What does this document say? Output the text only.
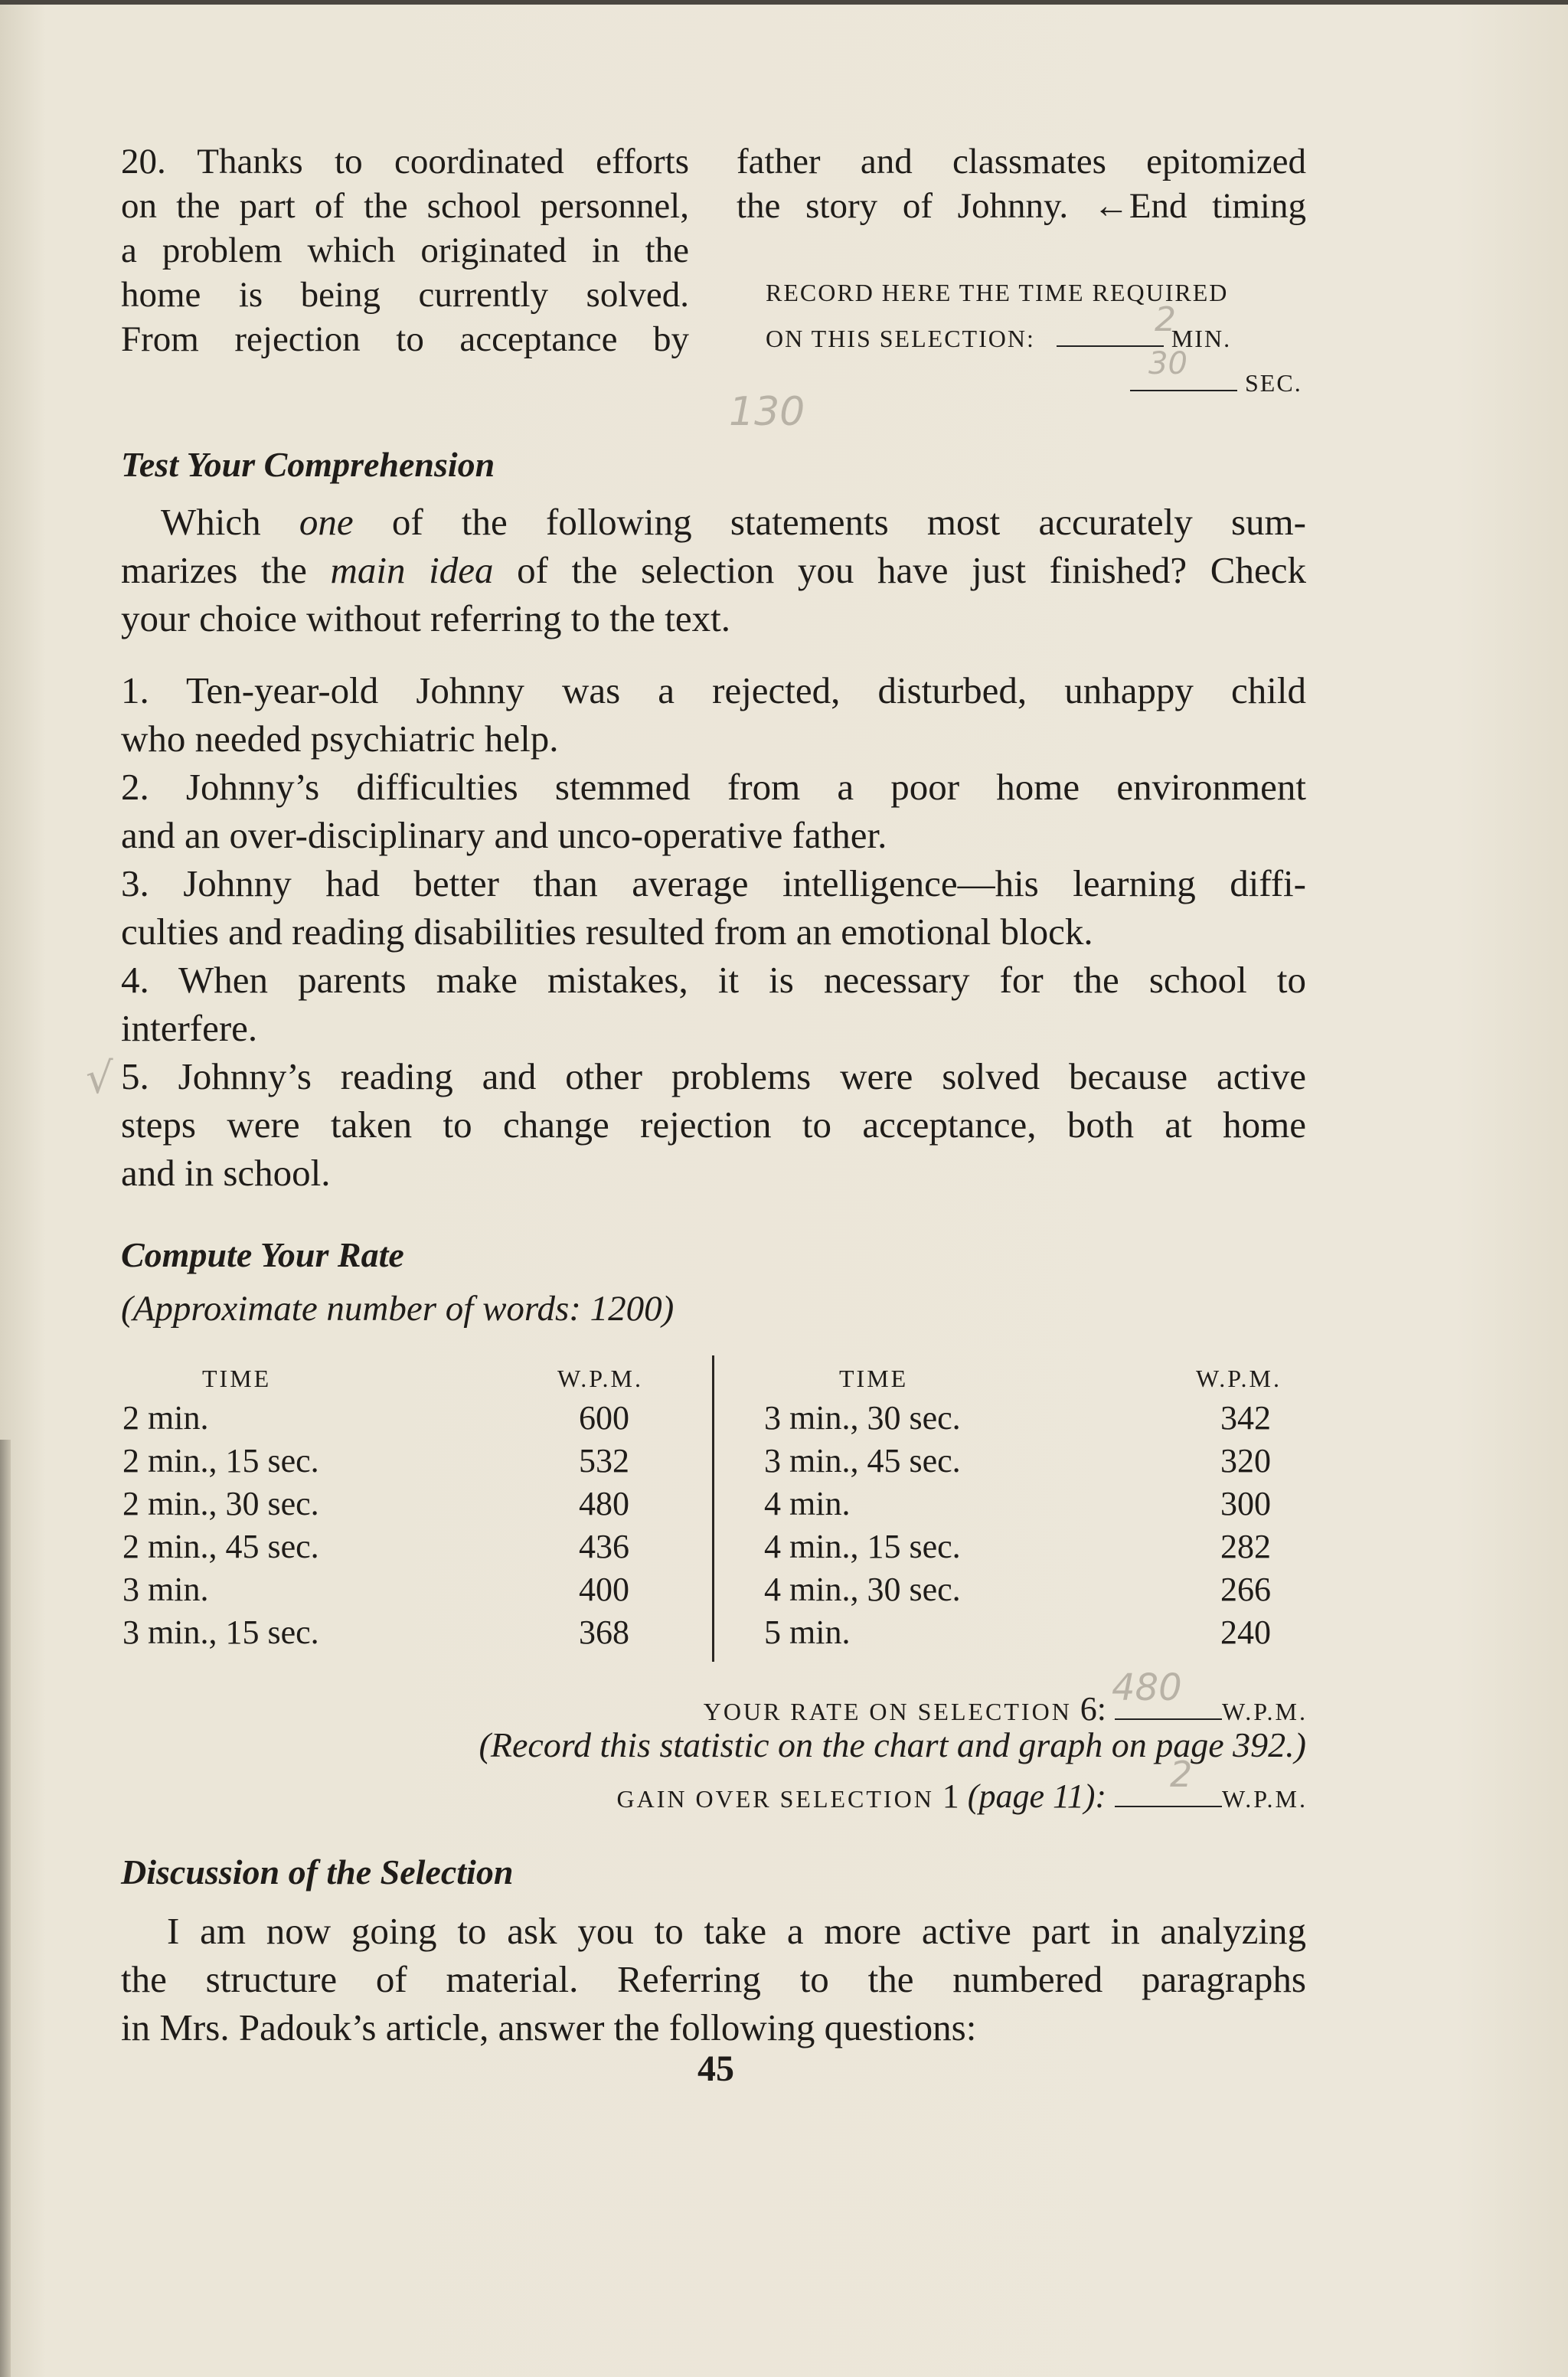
20. Thanks to coordinated efforts
on the part of the school personnel,
a problem which originated in the
home is being currently solved.
From rejection to acceptance by
father and classmates epitomized
the story of Johnny. ←End timing
RECORD HERE THE TIME REQUIRED
ON THIS SELECTION:	MIN.
SEC.
2
30
130
Test Your Comprehension
Which one of the following statements most accurately sum-
marizes the main idea of the selection you have just finished? Check
your choice without referring to the text.
1. Ten-year-old Johnny was a rejected, disturbed, unhappy child
who needed psychiatric help.
2. Johnny’s difficulties stemmed from a poor home environment
and an over-disciplinary and unco-operative father.
3. Johnny had better than average intelligence—his learning diffi-
culties and reading disabilities resulted from an emotional block.
4. When parents make mistakes, it is necessary for the school to
interfere.
5. Johnny’s reading and other problems were solved because active
steps were taken to change rejection to acceptance, both at home
and in school.
√
Compute Your Rate
(Approximate number of words: 1200)
TIME	W.P.M.	TIME	W.P.M.
2 min.	600
2 min., 15 sec.	532
2 min., 30 sec.	480
2 min., 45 sec.	436
3 min.	400
3 min., 15 sec.	368
3 min., 30 sec.	342
3 min., 45 sec.	320
4 min.	300
4 min., 15 sec.	282
4 min., 30 sec.	266
5 min.	240
YOUR RATE ON SELECTION 6:	W.P.M.
480
(Record this statistic on the chart and graph on page 392.)
GAIN OVER SELECTION 1 (page 11):	W.P.M.
2
Discussion of the Selection
I am now going to ask you to take a more active part in analyzing
the structure of material. Referring to the numbered paragraphs
in Mrs. Padouk’s article, answer the following questions:
45
